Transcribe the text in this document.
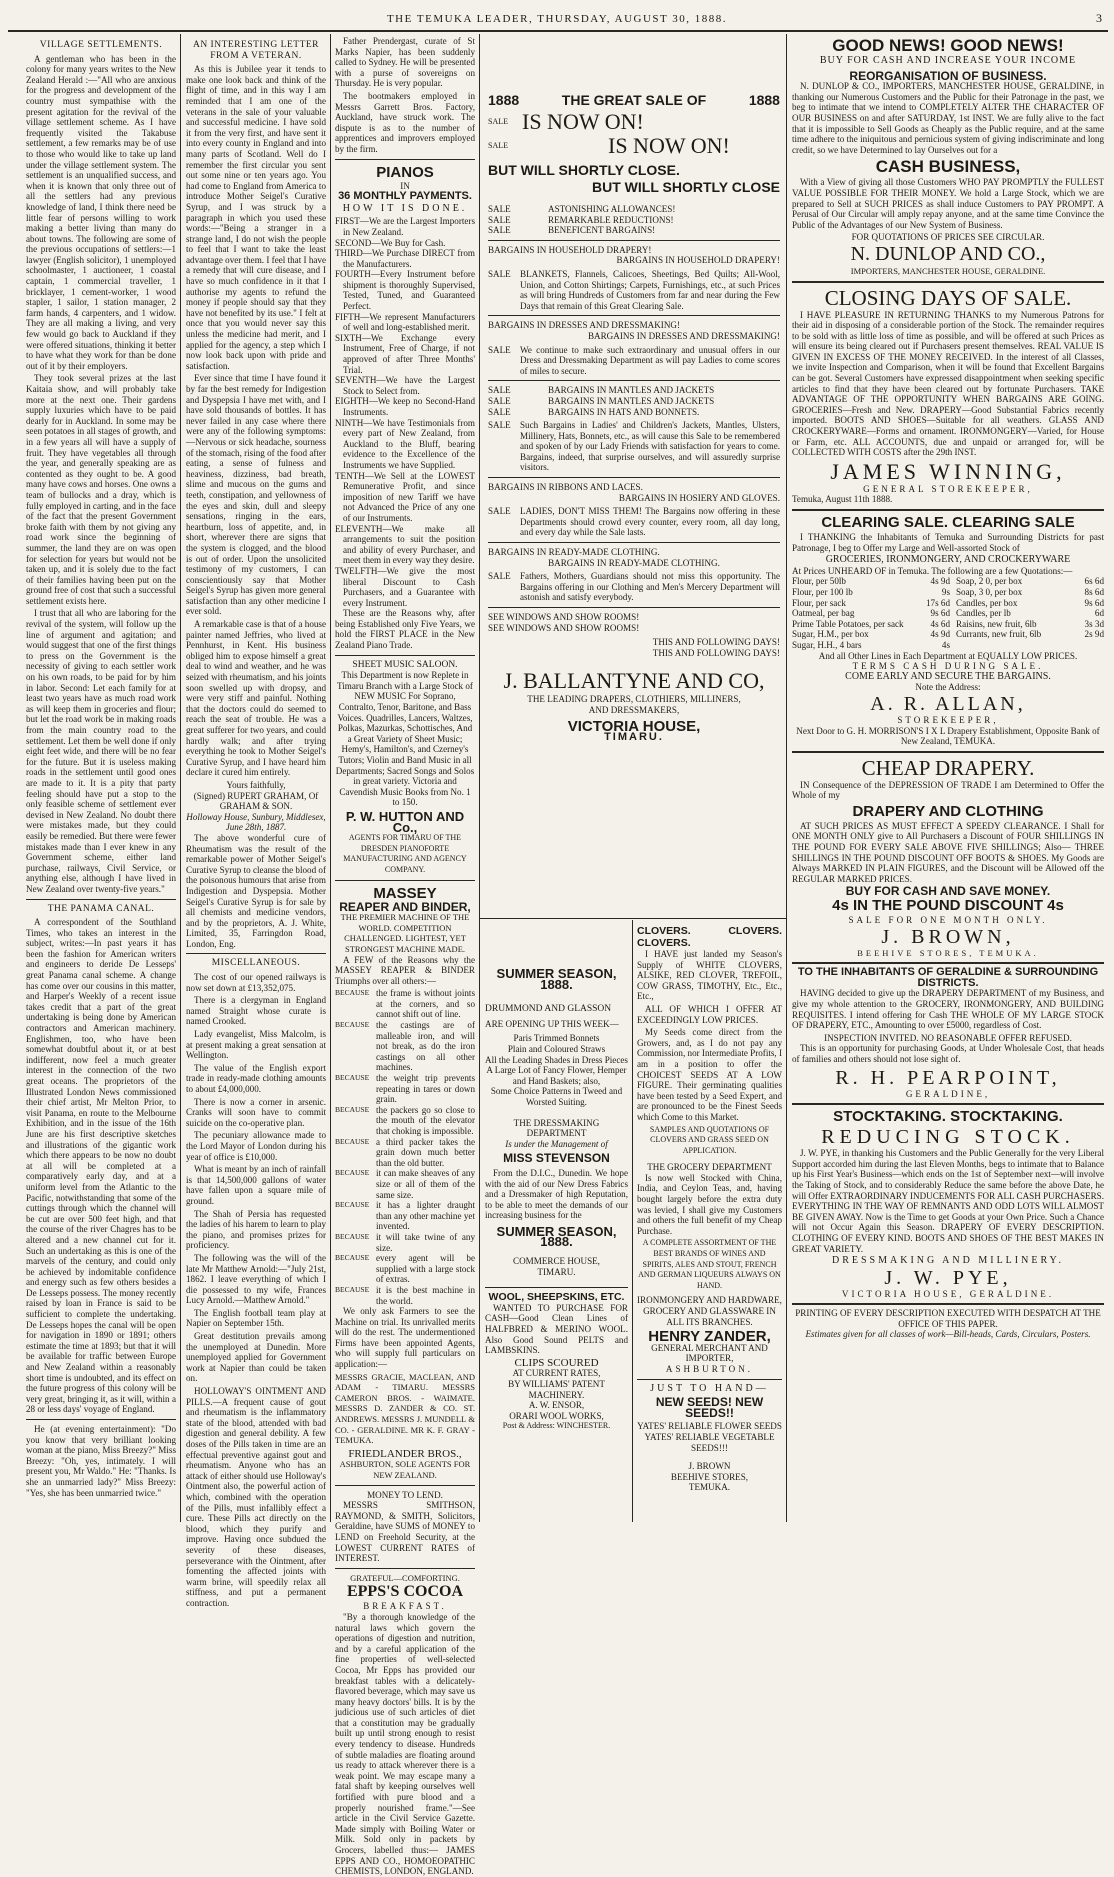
THE TEMUKA LEADER, THURSDAY, AUGUST 30, 1888.	3
VILLAGE SETTLEMENTS.

A gentleman who has been in the colony for many years writes to the New Zealand Herald :—"All who are anxious for the progress and development of the country must sympathise with the present agitation for the revival of the village settlement scheme. As I have frequently visited the Takabuse settlement, a few remarks may be of use to those who would like to take up land under the village settlement system. The settlement is an unqualified success, and when it is known that only three out of all the settlers had any previous knowledge of land, I think there need be little fear of persons willing to work making a better living than many do about towns. The following are some of the previous occupations of settlers:—1 lawyer (English solicitor), 1 unemployed schoolmaster, 1 auctioneer, 1 coastal captain, 1 commercial traveller, 1 bricklayer, 1 cement-worker, 1 wood stapler, 1 sailor, 1 station manager, 2 farm hands, 4 carpenters, and 1 widow. They are all making a living, and very few would go back to Auckland if they were offered situations, thinking it better to have what they work for than be done out of it by their employers.

They took several prizes at the last Kaitaia show, and will probably take more at the next one. Their gardens supply luxuries which have to be paid dearly for in Auckland. In some may be seen potatoes in all stages of growth, and in a few years all will have a supply of fruit. They have vegetables all through the year, and generally speaking are as contented as they ought to be. A good many have cows and horses. One owns a team of bullocks and a dray, which is fully employed in carting, and in the face of the fact that the present Government broke faith with them by not giving any road work since the beginning of summer, the land they are on was open for selection for years but would not be taken up, and it is solely due to the fact of their families having been put on the ground free of cost that such a successful settlement exists here.

I trust that all who are laboring for the revival of the system, will follow up the line of argument and agitation; and would suggest that one of the first things to press on the Government is the necessity of giving to each settler work on his own roads, to be paid for by him in labor. Second: Let each family for at least two years have as much road work as will keep them in groceries and flour; but let the road work be in making roads from the main country road to the settlement. Let them be well done if only eight feet wide, and there will be no fear for the future. But it is useless making roads in the settlement until good ones are made to it. It is a pity that party feeling should have put a stop to the only feasible scheme of settlement ever devised in New Zealand. No doubt there were mistakes made, but they could easily be remedied. But there were fewer mistakes made than I ever knew in any Government scheme, either land purchase, railways, Civil Service, or anything else, although I have lived in New Zealand over twenty-five years."

THE PANAMA CANAL.

A correspondent of the Southland Times, who takes an interest in the subject, writes:—In past years it has been the fashion for American writers and engineers to deride De Lesseps' great Panama canal scheme. A change has come over our cousins in this matter, and Harper's Weekly of a recent issue takes credit that a part of the great undertaking is being done by American contractors and American machinery. Englishmen, too, who have been somewhat doubtful about it, or at best indifferent, now feel a much greater interest in the connection of the two great oceans. The proprietors of the Illustrated London News commissioned their chief artist, Mr Melton Prior, to visit Panama, en route to the Melbourne Exhibition, and in the issue of the 16th June are his first descriptive sketches and illustrations of the gigantic work which there appears to be now no doubt at all will be completed at a comparatively early day, and at a uniform level from the Atlantic to the Pacific, notwithstanding that some of the cuttings through which the channel will be cut are over 500 feet high, and that the course of the river Chagres has to be altered and a new channel cut for it. Such an undertaking as this is one of the marvels of the century, and could only be achieved by indomitable confidence and energy such as few others besides a De Lesseps possess. The money recently raised by loan in France is said to be sufficient to complete the undertaking. De Lesseps hopes the canal will be open for navigation in 1890 or 1891; others estimate the time at 1893; but that it will be available for traffic between Europe and New Zealand within a reasonably short time is undoubted, and its effect on the future progress of this colony will be very great, bringing it, as it will, within a 28 or less days' voyage of England.

He (at evening entertainment): "Do you know that very brilliant looking woman at the piano, Miss Breezy?" Miss Breezy: "Oh, yes, intimately. I will present you, Mr Waldo." He: "Thanks. Is she an unmarried lady?" Miss Breezy: "Yes, she has been unmarried twice."

AN INTERESTING LETTER FROM A VETERAN.

As this is Jubilee year it tends to make one look back and think of the flight of time, and in this way I am reminded that I am one of the veterans in the sale of your valuable and successful medicine. I have sold it from the very first, and have sent it into every county in England and into many parts of Scotland. Well do I remember the first circular you sent out some nine or ten years ago. You had come to England from America to introduce Mother Seigel's Curative Syrup, and I was struck by a paragraph in which you used these words:—"Being a stranger in a strange land, I do not wish the people to feel that I want to take the least advantage over them. I feel that I have a remedy that will cure disease, and I have so much confidence in it that I authorise my agents to refund the money if people should say that they have not benefited by its use." I felt at once that you would never say this unless the medicine had merit, and I applied for the agency, a step which I now look back upon with pride and satisfaction.

Ever since that time I have found it by far the best remedy for Indigestion and Dyspepsia I have met with, and I have sold thousands of bottles. It has never failed in any case where there were any of the following symptoms:—Nervous or sick headache, sourness of the stomach, rising of the food after eating, a sense of fulness and heaviness, dizziness, bad breath, slime and mucous on the gums and teeth, constipation, and yellowness of the eyes and skin, dull and sleepy sensations, ringing in the ears, heartburn, loss of appetite, and, in short, wherever there are signs that the system is clogged, and the blood is out of order. Upon the unsolicited testimony of my customers, I can conscientiously say that Mother Seigel's Syrup has given more general satisfaction than any other medicine I ever sold.

A remarkable case is that of a house painter named Jeffries, who lived at Pennhurst, in Kent. His business obliged him to expose himself a great deal to wind and weather, and he was seized with rheumatism, and his joints soon swelled up with dropsy, and were very stiff and painful. Nothing that the doctors could do seemed to reach the seat of trouble. He was a great sufferer for two years, and could hardly walk; and after trying everything he took to Mother Seigel's Curative Syrup, and I have heard him declare it cured him entirely.

Yours faithfully,
(Signed) RUPERT GRAHAM, Of GRAHAM & SON.
Holloway House, Sunbury, Middlesex, June 28th, 1887.

The above wonderful cure of Rheumatism was the result of the remarkable power of Mother Seigel's Curative Syrup to cleanse the blood of the poisonous humours that arise from Indigestion and Dyspepsia. Mother Seigel's Curative Syrup is for sale by all chemists and medicine vendors, and by the proprietors, A. J. White, Limited, 35, Farringdon Road, London, Eng.

MISCELLANEOUS.

The cost of our opened railways is now set down at £13,352,075.

There is a clergyman in England named Straight whose curate is named Crooked.

Lady evangelist, Miss Malcolm, is at present making a great sensation at Wellington.

The value of the English export trade in ready-made clothing amounts to about £4,000,000.

There is now a corner in arsenic. Cranks will soon have to commit suicide on the co-operative plan.

The pecuniary allowance made to the Lord Mayor of London during his year of office is £10,000.

What is meant by an inch of rainfall is that 14,500,000 gallons of water have fallen upon a square mile of ground.

The Shah of Persia has requested the ladies of his harem to learn to play the piano, and promises prizes for proficiency.

The following was the will of the late Mr Matthew Arnold:—"July 21st, 1862. I leave everything of which I die possessed to my wife, Frances Lucy Arnold.—Matthew Arnold."

The English football team play at Napier on September 15th.

Great destitution prevails among the unemployed at Dunedin. More unemployed applied for Government work at Napier than could be taken on.

HOLLOWAY'S OINTMENT AND PILLS.—A frequent cause of gout and rheumatism is the inflammatory state of the blood, attended with bad digestion and general debility. A few doses of the Pills taken in time are an effectual preventive against gout and rheumatism. Anyone who has an attack of either should use Holloway's Ointment also, the powerful action of which, combined with the operation of the Pills, must infallibly effect a cure. These Pills act directly on the blood, which they purify and improve. Having once subdued the severity of these diseases, perseverance with the Ointment, after fomenting the affected joints with warm brine, will speedily relax all stiffness, and put a permanent contraction.

Father Prendergast, curate of St Marks Napier, has been suddenly called to Sydney. He will be presented with a purse of sovereigns on Thursday. He is very popular.

The bootmakers employed in Messrs Garrett Bros. Factory, Auckland, have struck work. The dispute is as to the number of apprentices and improvers employed by the firm.

PIANOS
IN
36 MONTHLY PAYMENTS.
HOW IT IS DONE.
FIRST—We are the Largest Importers in New Zealand.
SECOND—We Buy for Cash.
THIRD—We Purchase DIRECT from the Manufacturers.
FOURTH—Every Instrument before shipment is thoroughly Supervised, Tested, Tuned, and Guaranteed Perfect.
FIFTH—We represent Manufacturers of well and long-established merit.
SIXTH—We Exchange every Instrument, Free of Charge, if not approved of after Three Months' Trial.
SEVENTH—We have the Largest Stock to Select from.
EIGHTH—We keep no Second-Hand Instruments.
NINTH—We have Testimonials from every part of New Zealand, from Auckland to the Bluff, bearing evidence to the Excellence of the Instruments we have Supplied.
TENTH—We Sell at the LOWEST Remunerative Profit, and since imposition of new Tariff we have not Advanced the Price of any one of our Instruments.
ELEVENTH—We make all arrangements to suit the position and ability of every Purchaser, and meet them in every way they desire.
TWELFTH—We give the most liberal Discount to Cash Purchasers, and a Guarantee with every Instrument.

These are the Reasons why, after being Established only Five Years, we hold the FIRST PLACE in the New Zealand Piano Trade.

SHEET MUSIC SALOON.
This Department is now Replete in Timaru Branch with a Large Stock of NEW MUSIC For Soprano, Contralto, Tenor, Baritone, and Bass Voices. Quadrilles, Lancers, Waltzes, Polkas, Mazurkas, Schottisches, And a Great Variety of Sheet Music; Hemy's, Hamilton's, and Czerney's Tutors; Violin and Band Music in all Departments; Sacred Songs and Solos in great variety. Victoria and Cavendish Music Books from No. 1 to 150.
P. W. HUTTON AND Co.,
AGENTS FOR TIMARU OF THE DRESDEN PIANOFORTE MANUFACTURING AND AGENCY COMPANY.
MASSEY
REAPER AND BINDER,
THE PREMIER MACHINE OF THE WORLD. COMPETITION CHALLENGED. LIGHTEST, YET STRONGEST MACHINE MADE.

A FEW of the Reasons why the MASSEY REAPER & BINDER Triumphs over all others:—

BECAUSE the frame is without joints at the corners, and so cannot shift out of line.
BECAUSE the castings are of malleable iron, and will not break, as do the iron castings on all other machines.
BECAUSE the weight trip prevents repeating in tares or down grain.
BECAUSE the packers go so close to the mouth of the elevator that choking is impossible.
BECAUSE a third packer takes the grain down much better than the old butter.
BECAUSE it can make sheaves of any size or all of them of the same size.
BECAUSE it has a lighter draught than any other machine yet invented.
BECAUSE it will take twine of any size.
BECAUSE every agent will be supplied with a large stock of extras.
BECAUSE it is the best machine in the world.

We only ask Farmers to see the Machine on trial. Its unrivalled merits will do the rest. The undermentioned Firms have been appointed Agents, who will supply full particulars on application:—

MESSRS GRACIE, MACLEAN, AND ADAM - TIMARU. MESSRS CAMERON BROS. - WAIMATE. MESSRS D. ZANDER & CO. ST. ANDREWS. MESSRS J. MUNDELL & CO. - GERALDINE. MR K. F. GRAY - TEMUKA.
FRIEDLANDER BROS.,
ASHBURTON, SOLE AGENTS FOR NEW ZEALAND.
MONEY TO LEND.

MESSRS SMITHSON, RAYMOND, & SMITH, Solicitors, Geraldine, have SUMS of MONEY to LEND on Freehold Security, at the LOWEST CURRENT RATES of INTEREST.

GRATEFUL—COMFORTING.
EPPS'S COCOA
BREAKFAST.

"By a thorough knowledge of the natural laws which govern the operations of digestion and nutrition, and by a careful application of the fine properties of well-selected Cocoa, Mr Epps has provided our breakfast tables with a delicately-flavored beverage, which may save us many heavy doctors' bills. It is by the judicious use of such articles of diet that a constitution may be gradually built up until strong enough to resist every tendency to disease. Hundreds of subtle maladies are floating around us ready to attack wherever there is a weak point. We may escape many a fatal shaft by keeping ourselves well fortified with pure blood and a properly nourished frame."—See article in the Civil Service Gazette. Made simply with Boiling Water or Milk. Sold only in packets by Grocers, labelled thus:— JAMES EPPS AND CO., HOMOEOPATHIC CHEMISTS, LONDON, ENGLAND.

1888	THE GREAT SALE OF	1888
SALE IS NOW ON!
SALE	IS NOW ON!
BUT WILL SHORTLY CLOSE.
BUT WILL SHORTLY CLOSE
SALE	ASTONISHING ALLOWANCES!
SALE	REMARKABLE REDUCTIONS!
SALE	BENEFICENT BARGAINS!
BARGAINS IN HOUSEHOLD DRAPERY!
BARGAINS IN HOUSEHOLD DRAPERY!
SALE	BLANKETS, Flannels, Calicoes, Sheetings, Bed Quilts; All-Wool, Union, and Cotton Shirtings; Carpets, Furnishings, etc., at such Prices as will bring Hundreds of Customers from far and near during the Few Days that remain of this Great Clearing Sale.
BARGAINS IN DRESSES AND DRESSMAKING!
BARGAINS IN DRESSES AND DRESSMAKING!
SALE	We continue to make such extraordinary and unusual offers in our Dress and Dressmaking Department as will pay Ladies to come scores of miles to secure.
SALE	BARGAINS IN MANTLES AND JACKETS
SALE	BARGAINS IN MANTLES AND JACKETS
SALE	BARGAINS IN HATS AND BONNETS.
SALE	Such Bargains in Ladies' and Children's Jackets, Mantles, Ulsters, Millinery, Hats, Bonnets, etc., as will cause this Sale to be remembered and spoken of by our Lady Friends with satisfaction for years to come. Bargains, indeed, that surprise ourselves, and will assuredly surprise visitors.
BARGAINS IN RIBBONS AND LACES.
BARGAINS IN HOSIERY AND GLOVES.
SALE	LADIES, DON'T MISS THEM! The Bargains now offering in these Departments should crowd every counter, every room, all day long, and every day while the Sale lasts.
BARGAINS IN READY-MADE CLOTHING.
BARGAINS IN READY-MADE CLOTHING.
SALE	Fathers, Mothers, Guardians should not miss this opportunity. The Bargains offering in our Clothing and Men's Mercery Department will astonish and satisfy everybody.
SEE WINDOWS AND SHOW ROOMS!
SEE WINDOWS AND SHOW ROOMS!
THIS AND FOLLOWING DAYS!
THIS AND FOLLOWING DAYS!
J. BALLANTYNE AND CO,
THE LEADING DRAPERS, CLOTHIERS, MILLINERS,
AND DRESSMAKERS,
VICTORIA HOUSE,
TIMARU.
SUMMER SEASON, 1888.
DRUMMOND AND GLASSON
ARE OPENING UP THIS WEEK—
Paris Trimmed Bonnets
Plain and Coloured Straws
All the Leading Shades in Dress Pieces
A Large Lot of Fancy Flower, Hemper and Hand Baskets; also,
Some Choice Patterns in Tweed and Worsted Suiting.
THE DRESSMAKING DEPARTMENT
Is under the Management of
MISS STEVENSON

From the D.I.C., Dunedin. We hope with the aid of our New Dress Fabrics and a Dressmaker of high Reputation, to be able to meet the demands of our increasing business for the

SUMMER SEASON, 1888.
COMMERCE HOUSE,
TIMARU.
WOOL, SHEEPSKINS, ETC.

WANTED TO PURCHASE FOR CASH—Good Clean Lines of HALFBRED & MERINO WOOL. Also Good Sound PELTS and LAMBSKINS.

CLIPS SCOURED
AT CURRENT RATES,
BY WILLIAMS' PATENT MACHINERY.
A. W. ENSOR,
ORARI WOOL WORKS,
Post & Address: WINCHESTER.
CLOVERS. CLOVERS. CLOVERS.

I HAVE just landed my Season's Supply of WHITE CLOVERS, ALSIKE, RED CLOVER, TREFOIL, COW GRASS, TIMOTHY, Etc., Etc., Etc.,

ALL OF WHICH I OFFER AT EXCEEDINGLY LOW PRICES.

My Seeds come direct from the Growers, and, as I do not pay any Commission, nor Intermediate Profits, I am in a position to offer the CHOICEST SEEDS AT A LOW FIGURE. Their germinating qualities have been tested by a Seed Expert, and are pronounced to be the Finest Seeds which Come to this Market.

SAMPLES AND QUOTATIONS OF CLOVERS AND GRASS SEED ON APPLICATION.
THE GROCERY DEPARTMENT

Is now well Stocked with China, India, and Ceylon Teas, and, having bought largely before the extra duty was levied, I shall give my Customers and others the full benefit of my Cheap Purchase.

A COMPLETE ASSORTMENT OF THE BEST BRANDS OF WINES AND SPIRITS, ALES AND STOUT, FRENCH AND GERMAN LIQUEURS ALWAYS ON HAND.
IRONMONGERY AND HARDWARE, GROCERY AND GLASSWARE IN ALL ITS BRANCHES.
HENRY ZANDER,
GENERAL MERCHANT AND IMPORTER,
ASHBURTON.
JUST TO HAND—
NEW SEEDS! NEW SEEDS!!
YATES' RELIABLE FLOWER SEEDS
YATES' RELIABLE VEGETABLE SEEDS!!!
J. BROWN
BEEHIVE STORES,
TEMUKA.
GOOD NEWS! GOOD NEWS!
BUY FOR CASH AND INCREASE YOUR INCOME
REORGANISATION OF BUSINESS.

N. DUNLOP & CO., IMPORTERS, MANCHESTER HOUSE, GERALDINE, in thanking our Numerous Customers and the Public for their Patronage in the past, we beg to intimate that we intend to COMPLETELY ALTER THE CHARACTER OF OUR BUSINESS on and after SATURDAY, 1st INST. We are fully alive to the fact that it is impossible to Sell Goods as Cheaply as the Public require, and at the same time adhere to the iniquitous and pernicious system of giving indiscriminate and long credit, so we have Determined to lay Ourselves out for a

CASH BUSINESS,

With a View of giving all those Customers WHO PAY PROMPTLY the FULLEST VALUE POSSIBLE FOR THEIR MONEY. We hold a Large Stock, which we are prepared to Sell at SUCH PRICES as shall induce Customers to PAY PROMPT. A Perusal of Our Circular will amply repay anyone, and at the same time Convince the Public of the Advantages of our New System of Business.

FOR QUOTATIONS OF PRICES SEE CIRCULAR.
N. DUNLOP AND CO.,
IMPORTERS, MANCHESTER HOUSE, GERALDINE.
CLOSING DAYS OF SALE.

I HAVE PLEASURE IN RETURNING THANKS to my Numerous Patrons for their aid in disposing of a considerable portion of the Stock. The remainder requires to be sold with as little loss of time as possible, and will be offered at such Prices as will ensure its being cleared out if Purchasers present themselves. REAL VALUE IS GIVEN IN EXCESS OF THE MONEY RECEIVED. In the interest of all Classes, we invite Inspection and Comparison, when it will be found that Excellent Bargains can be got. Several Customers have expressed disappointment when seeking specific articles to find that they have been cleared out by fortunate Purchasers. TAKE ADVANTAGE OF THE OPPORTUNITY WHEN BARGAINS ARE GOING. GROCERIES—Fresh and New. DRAPERY—Good Substantial Fabrics recently imported. BOOTS AND SHOES—Suitable for all weathers. GLASS AND CROCKERYWARE—Forms and ornament. IRONMONGERY—Varied, for House or Farm, etc. ALL ACCOUNTS, due and unpaid or arranged for, will be COLLECTED WITH COSTS after the 29th INST.

JAMES WINNING,
GENERAL STOREKEEPER,
Temuka, August 11th 1888.
CLEARING SALE. CLEARING SALE

I THANKING the Inhabitants of Temuka and Surrounding Districts for past Patronage, I beg to Offer my Large and Well-assorted Stock of

GROCERIES, IRONMONGERY, AND CROCKERYWARE
At Prices UNHEARD OF in Temuka. The following are a few Quotations:—
Flour, per 50lb	4s 9d Soap, 2 0, per box	6s 6d
Flour, per 100 lb	9s Soap, 3 0, per box	8s 6d
Flour, per sack	17s 6d Candles, per box	9s 6d
Oatmeal, per bag	9s 6d Candles, per lb	6d
Prime Table Potatoes, per sack	4s 6d Raisins, new fruit, 6lb	3s 3d
Sugar, H.M., per box	4s 9d Currants, new fruit, 6lb	2s 9d
Sugar, H.H., 4 bars	4s
And all Other Lines in Each Department at EQUALLY LOW PRICES.
TERMS CASH DURING SALE.
COME EARLY AND SECURE THE BARGAINS.
Note the Address:
A. R. ALLAN,
STOREKEEPER,
Next Door to G. H. MORRISON'S I X L Drapery Establishment, Opposite Bank of New Zealand, TEMUKA.
CHEAP DRAPERY.

IN Consequence of the DEPRESSION OF TRADE I am Determined to Offer the Whole of my

DRAPERY AND CLOTHING

AT SUCH PRICES AS MUST EFFECT A SPEEDY CLEARANCE. I Shall for ONE MONTH ONLY give to All Purchasers a Discount of FOUR SHILLINGS IN THE POUND FOR EVERY SALE ABOVE FIVE SHILLINGS; Also— THREE SHILLINGS IN THE POUND DISCOUNT OFF BOOTS & SHOES. My Goods are Always MARKED IN PLAIN FIGURES, and the Discount will be Allowed off the REGULAR MARKED PRICES.

BUY FOR CASH AND SAVE MONEY.
4s IN THE POUND DISCOUNT 4s
SALE FOR ONE MONTH ONLY.
J. BROWN,
BEEHIVE STORES, TEMUKA.
TO THE INHABITANTS OF GERALDINE & SURROUNDING DISTRICTS.

HAVING decided to give up the DRAPERY DEPARTMENT of my Business, and give my whole attention to the GROCERY, IRONMONGERY, AND BUILDING REQUISITES. I intend offering for Cash THE WHOLE OF MY LARGE STOCK OF DRAPERY, ETC., Amounting to over £5000, regardless of Cost.

INSPECTION INVITED. NO REASONABLE OFFER REFUSED.

This is an opportunity for purchasing Goods, at Under Wholesale Cost, that heads of families and others should not lose sight of.

R. H. PEARPOINT,
GERALDINE,
STOCKTAKING. STOCKTAKING.
REDUCING STOCK.

J. W. PYE, in thanking his Customers and the Public Generally for the very Liberal Support accorded him during the last Eleven Months, begs to intimate that to Balance up his First Year's Business—which ends on the 1st of September next—will involve the Taking of Stock, and to considerably Reduce the same before the above Date, he will Offer EXTRAORDINARY INDUCEMENTS FOR ALL CASH PURCHASERS. EVERYTHING IN THE WAY OF REMNANTS AND ODD LOTS WILL ALMOST BE GIVEN AWAY. Now is the Time to get Goods at your Own Price. Such a Chance will not Occur Again this Season. DRAPERY OF EVERY DESCRIPTION. CLOTHING OF EVERY KIND. BOOTS AND SHOES OF THE BEST MAKES IN GREAT VARIETY.

DRESSMAKING AND MILLINERY.
J. W. PYE,
VICTORIA HOUSE, GERALDINE.
PRINTING OF EVERY DESCRIPTION EXECUTED WITH DESPATCH AT THE OFFICE OF THIS PAPER.
Estimates given for all classes of work—Bill-heads, Cards, Circulars, Posters.
